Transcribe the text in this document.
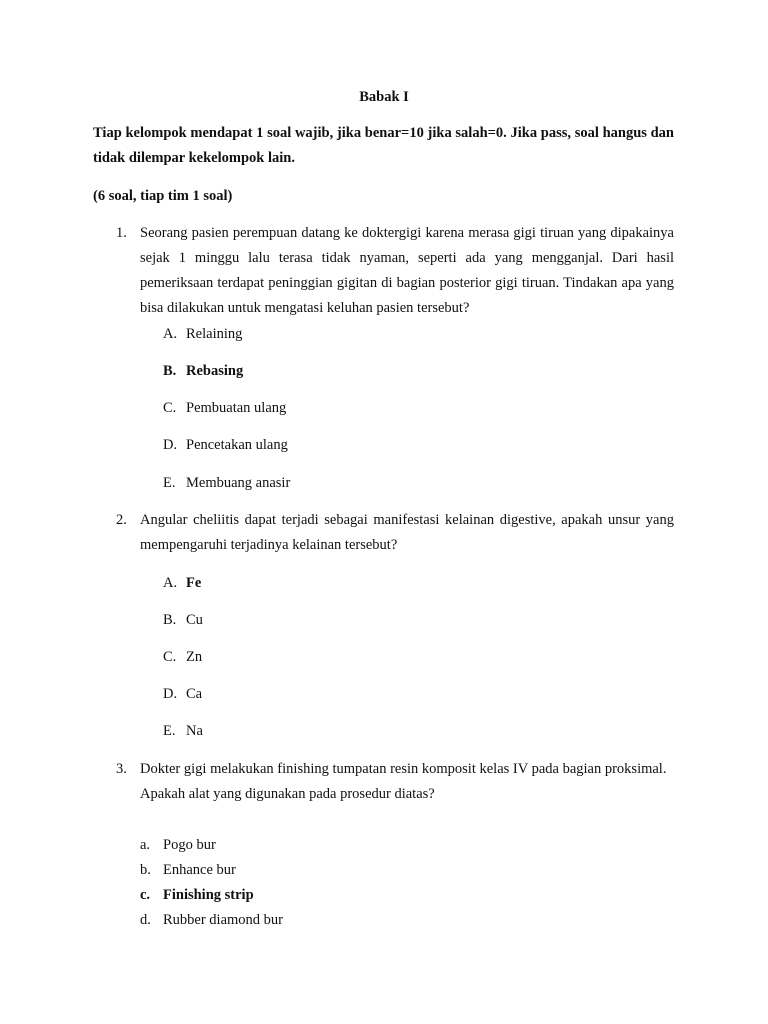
Babak I
Tiap kelompok mendapat 1 soal wajib, jika benar=10 jika salah=0. Jika pass, soal hangus dan tidak dilempar kekelompok lain.
(6 soal, tiap tim 1 soal)
1. Seorang pasien perempuan datang ke doktergigi karena merasa gigi tiruan yang dipakainya sejak 1 minggu lalu terasa tidak nyaman, seperti ada yang mengganjal. Dari hasil pemeriksaan terdapat peninggian gigitan di bagian posterior gigi tiruan. Tindakan apa yang bisa dilakukan untuk mengatasi keluhan pasien tersebut?
A. Relaining
B. Rebasing
C. Pembuatan ulang
D. Pencetakan ulang
E. Membuang anasir
2. Angular cheliitis dapat terjadi sebagai manifestasi kelainan digestive, apakah unsur yang mempengaruhi terjadinya kelainan tersebut?
A. Fe
B. Cu
C. Zn
D. Ca
E. Na
3. Dokter gigi melakukan finishing tumpatan resin komposit kelas IV pada bagian proksimal.
Apakah alat yang digunakan pada prosedur diatas?
a. Pogo bur
b. Enhance bur
c. Finishing strip
d. Rubber diamond bur
